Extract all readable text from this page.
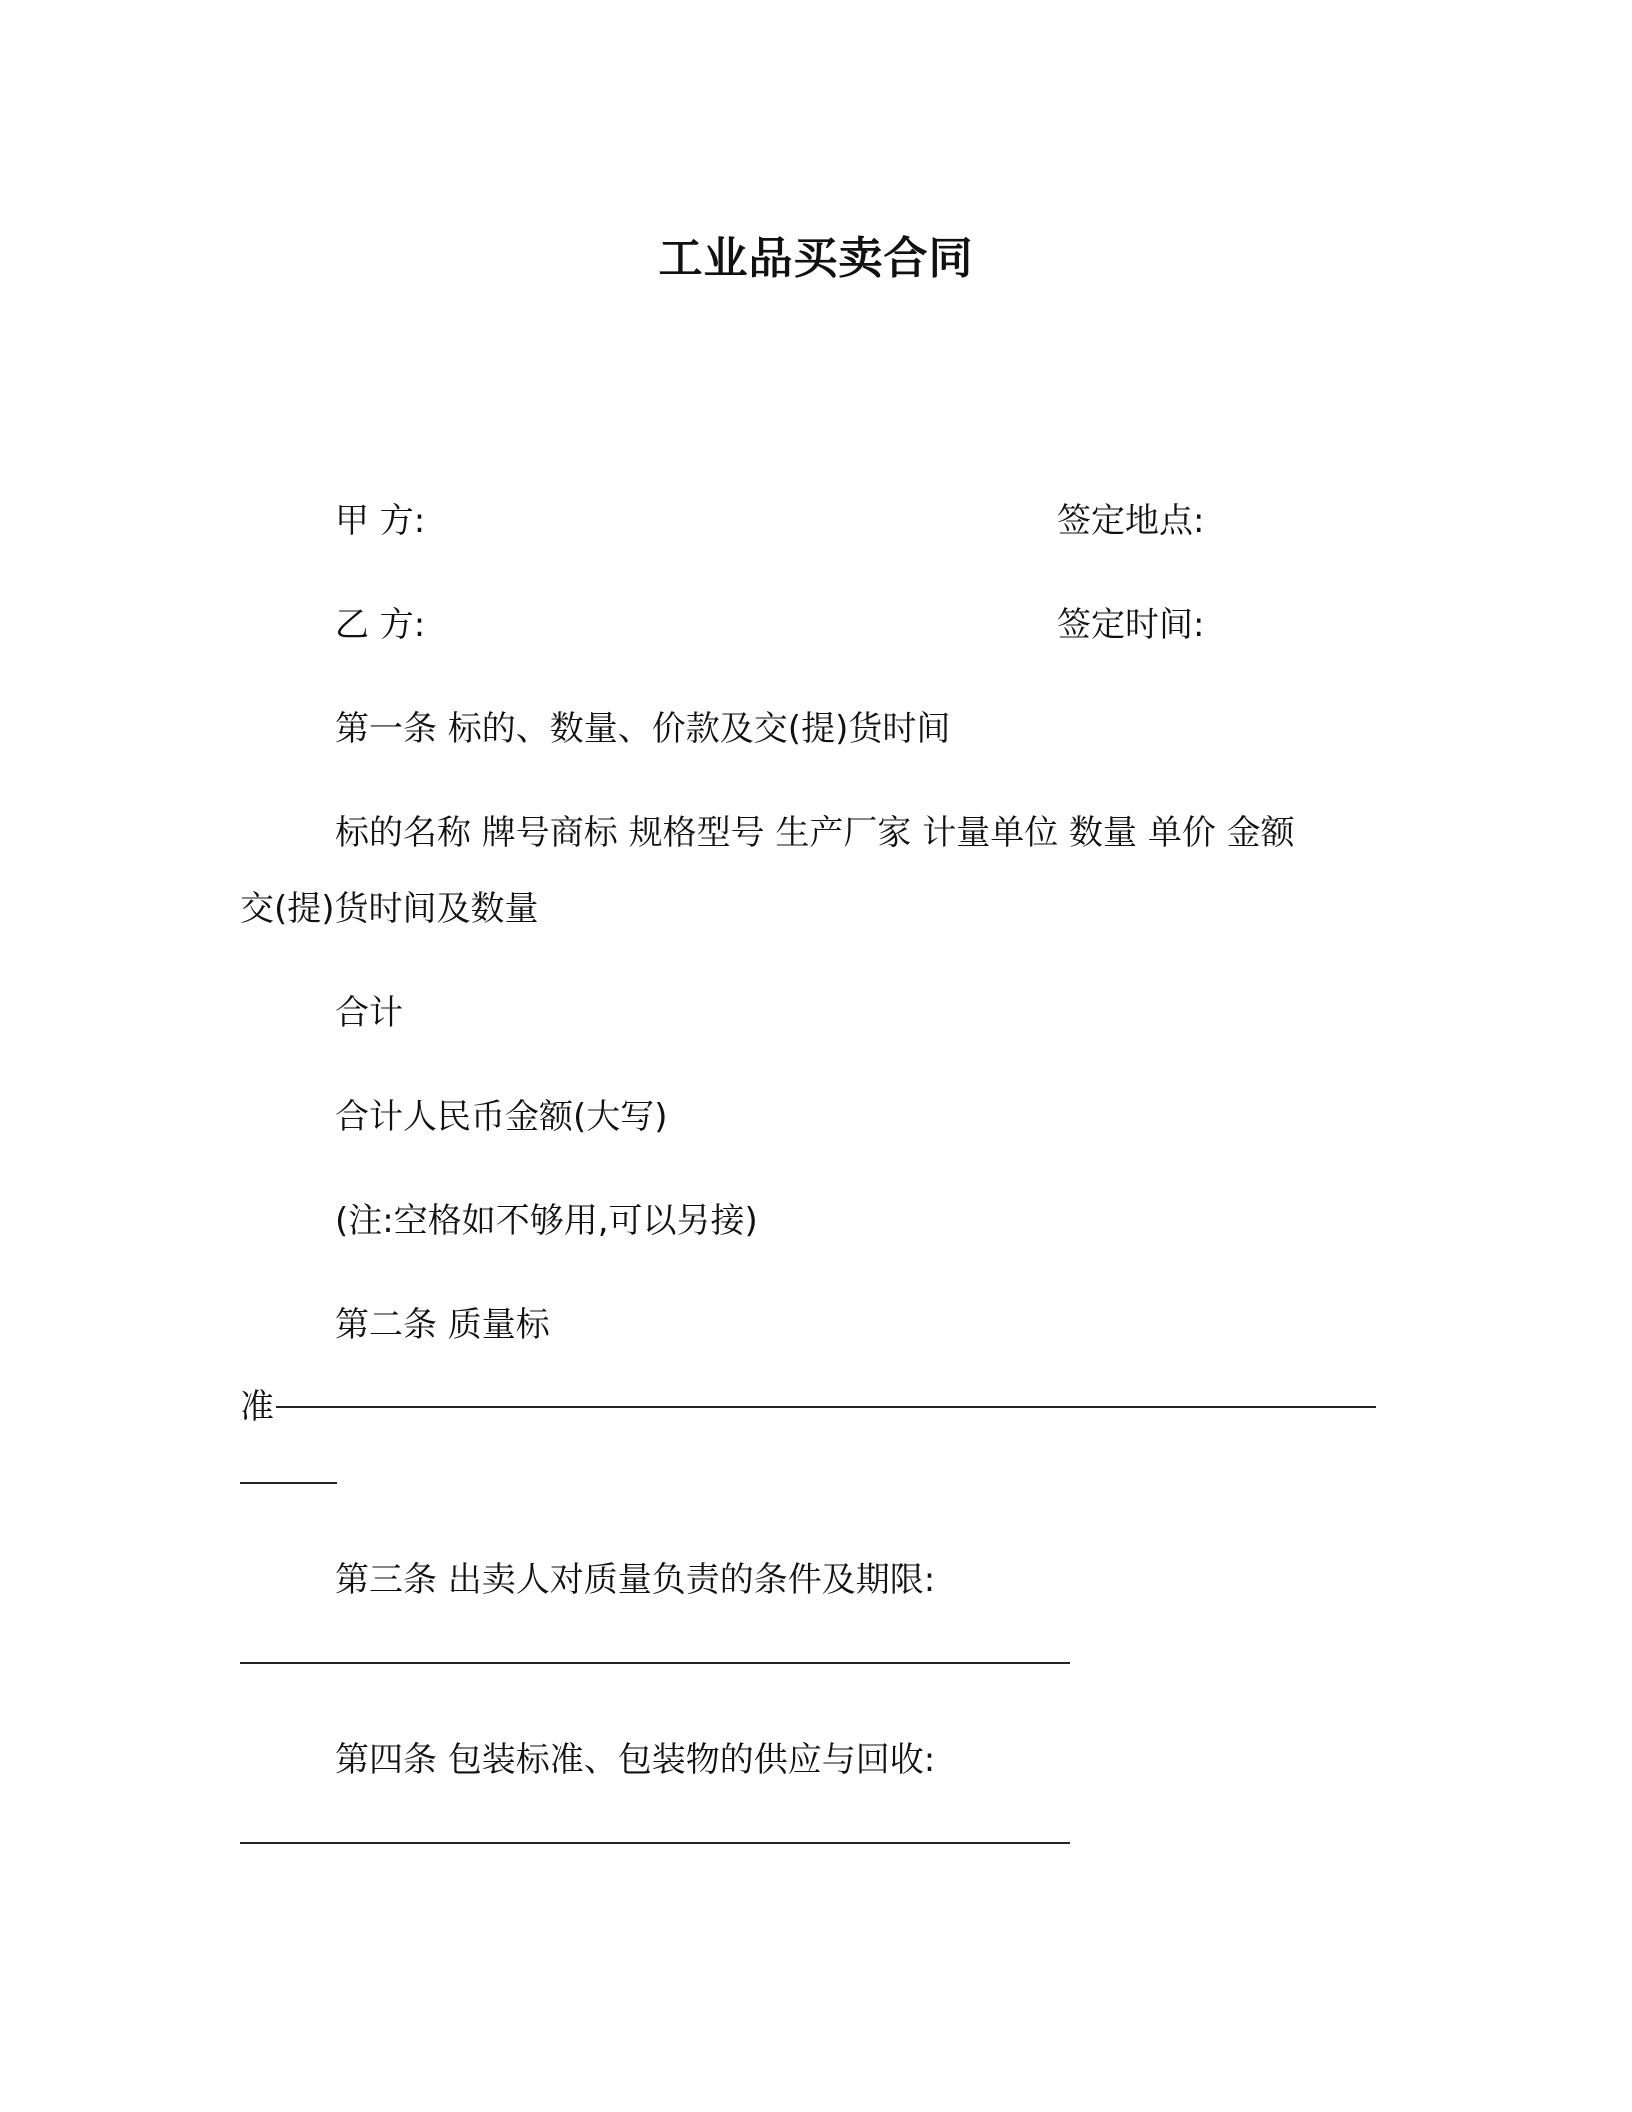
工业品买卖合同
甲 方:	签定地点:
乙 方:	签定时间:
第一条 标的、数量、价款及交(提)货时间
标的名称 牌号商标 规格型号 生产厂家 计量单位 数量 单价 金额
交(提)货时间及数量
合计
合计人民币金额(大写)
(注:空格如不够用,可以另接)
第二条 质量标
准
第三条 出卖人对质量负责的条件及期限:
第四条 包装标准、包装物的供应与回收:
